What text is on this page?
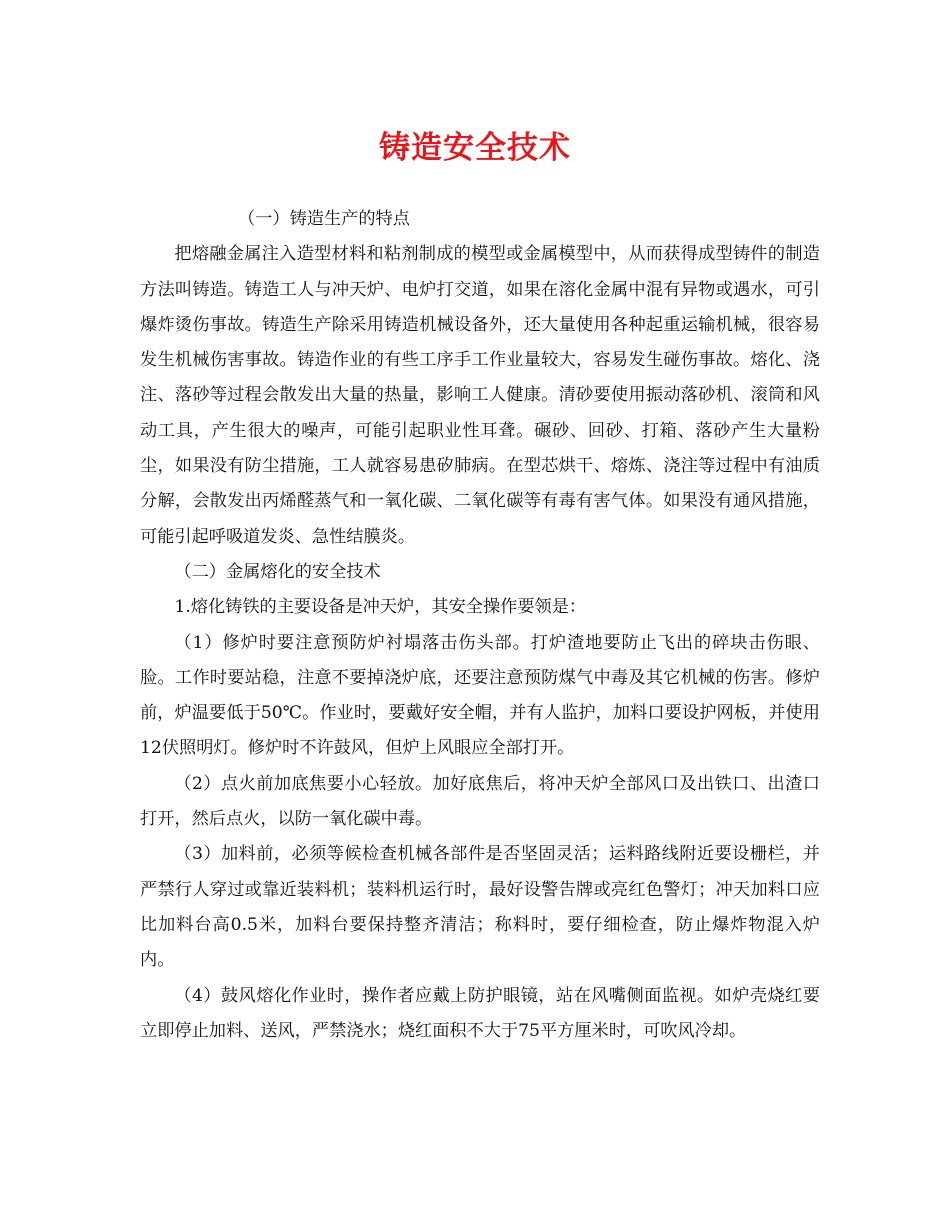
铸造安全技术

（一）铸造生产的特点

把熔融金属注入造型材料和粘剂制成的模型或金属模型中，从而获得成型铸件的制造方法叫铸造。铸造工人与冲天炉、电炉打交道，如果在溶化金属中混有异物或遇水，可引爆炸烫伤事故。铸造生产除采用铸造机械设备外，还大量使用各种起重运输机械，很容易发生机械伤害事故。铸造作业的有些工序手工作业量较大，容易发生碰伤事故。熔化、浇注、落砂等过程会散发出大量的热量，影响工人健康。清砂要使用振动落砂机、滚筒和风动工具，产生很大的噪声，可能引起职业性耳聋。碾砂、回砂、打箱、落砂产生大量粉尘，如果没有防尘措施，工人就容易患矽肺病。在型芯烘干、熔炼、浇注等过程中有油质分解，会散发出丙烯醛蒸气和一氧化碳、二氧化碳等有毒有害气体。如果没有通风措施，可能引起呼吸道发炎、急性结膜炎。

（二）金属熔化的安全技术

1.熔化铸铁的主要设备是冲天炉，其安全操作要领是：

（1）修炉时要注意预防炉衬塌落击伤头部。打炉渣地要防止飞出的碎块击伤眼、脸。工作时要站稳，注意不要掉浇炉底，还要注意预防煤气中毒及其它机械的伤害。修炉前，炉温要低于50℃。作业时，要戴好安全帽，并有人监护，加料口要设护网板，并使用12伏照明灯。修炉时不许鼓风，但炉上风眼应全部打开。

（2）点火前加底焦要小心轻放。加好底焦后，将冲天炉全部风口及出铁口、出渣口打开，然后点火，以防一氧化碳中毒。

（3）加料前，必须等候检查机械各部件是否坚固灵活；运料路线附近要设栅栏，并严禁行人穿过或靠近装料机；装料机运行时，最好设警告牌或亮红色警灯；冲天加料口应比加料台高0.5米，加料台要保持整齐清洁；称料时，要仔细检查，防止爆炸物混入炉内。

（4）鼓风熔化作业时，操作者应戴上防护眼镜，站在风嘴侧面监视。如炉壳烧红要立即停止加料、送风，严禁浇水；烧红面积不大于75平方厘米时，可吹风冷却。
